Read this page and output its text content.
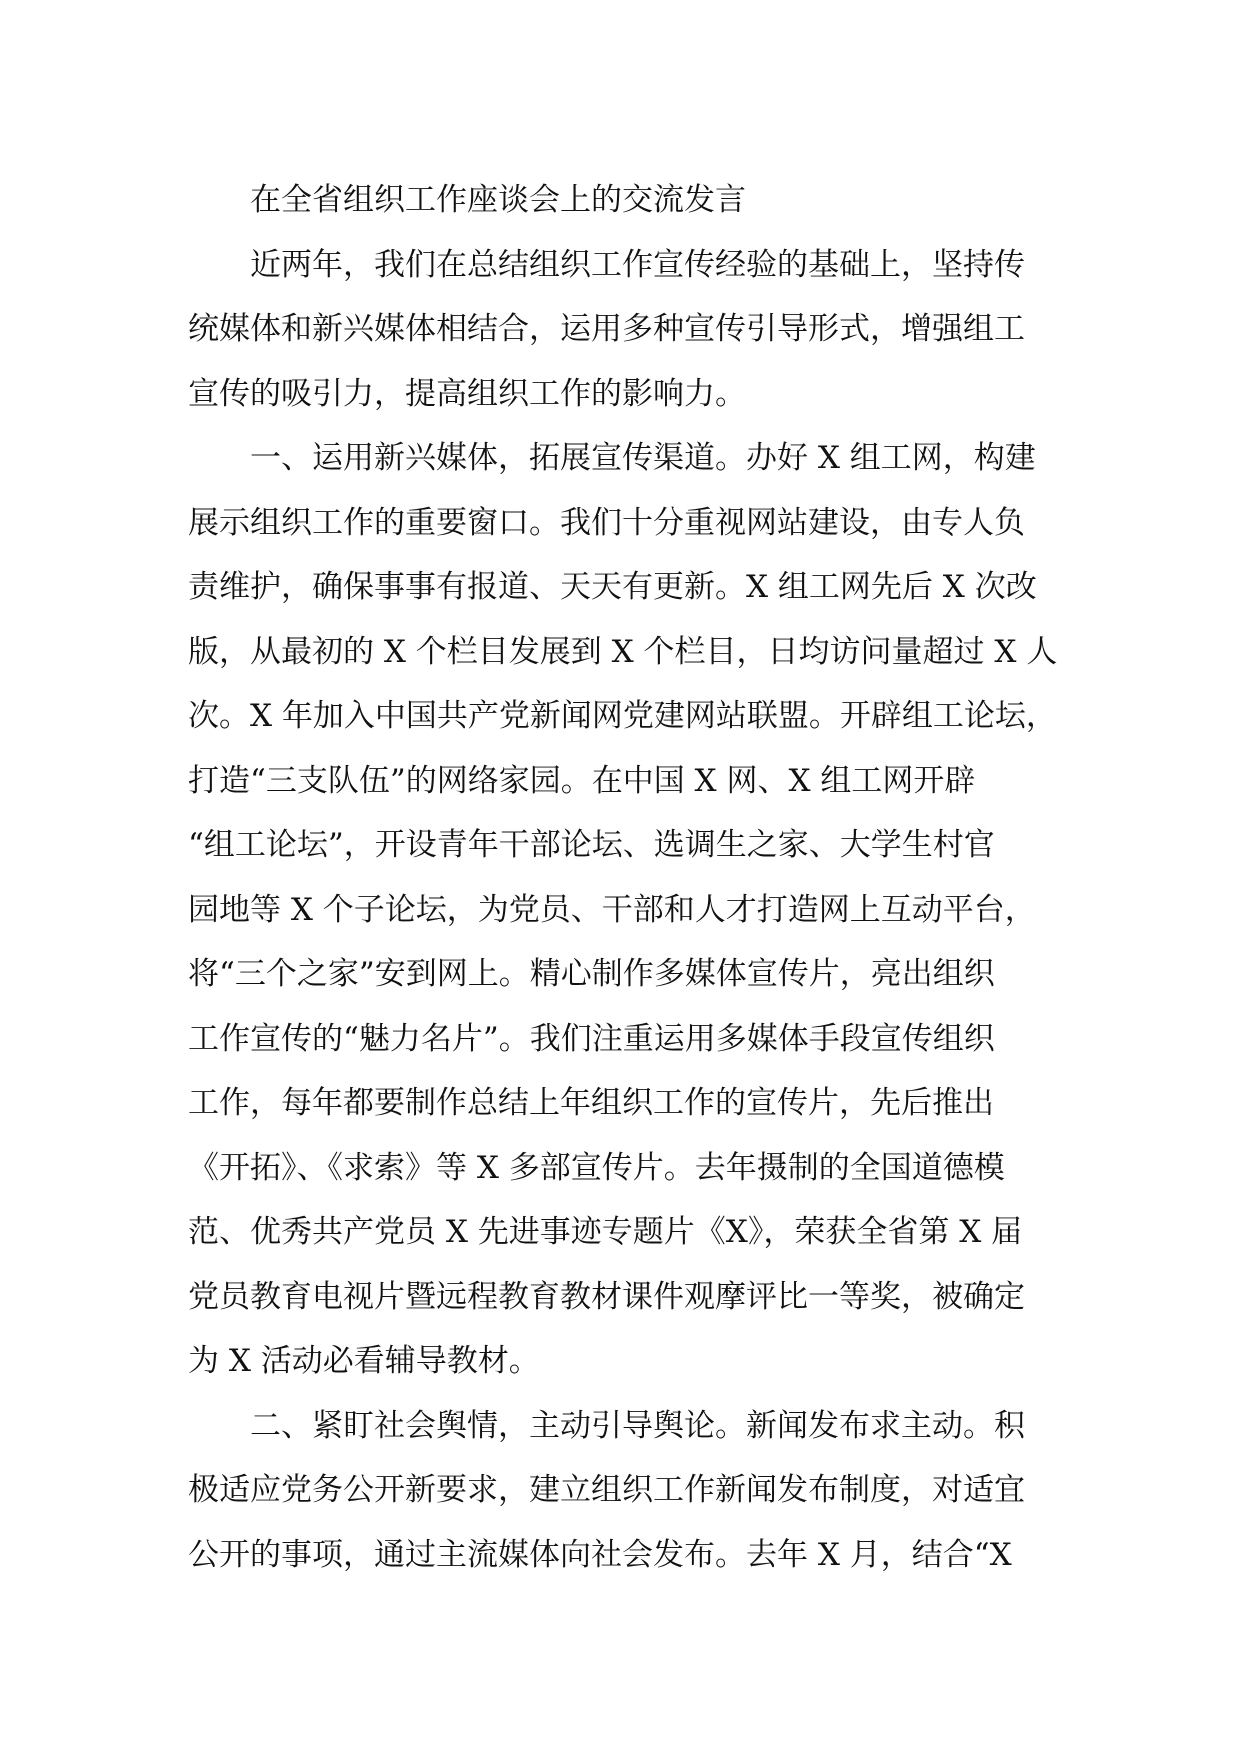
在全省组织工作座谈会上的交流发言
近两年，我们在总结组织工作宣传经验的基础上，坚持传
统媒体和新兴媒体相结合，运用多种宣传引导形式，增强组工
宣传的吸引力，提高组织工作的影响力。
一、运用新兴媒体，拓展宣传渠道。办好 X 组工网，构建
展示组织工作的重要窗口。我们十分重视网站建设，由专人负
责维护，确保事事有报道、天天有更新。X 组工网先后 X 次改
版，从最初的 X 个栏目发展到 X 个栏目，日均访问量超过 X 人
次。X 年加入中国共产党新闻网党建网站联盟。开辟组工论坛，
打造“三支队伍”的网络家园。在中国 X 网、X 组工网开辟
“组工论坛”，开设青年干部论坛、选调生之家、大学生村官
园地等 X 个子论坛，为党员、干部和人才打造网上互动平台，
将“三个之家”安到网上。精心制作多媒体宣传片，亮出组织
工作宣传的“魅力名片”。我们注重运用多媒体手段宣传组织
工作，每年都要制作总结上年组织工作的宣传片，先后推出
《开拓》、《求索》等 X 多部宣传片。去年摄制的全国道德模
范、优秀共产党员 X 先进事迹专题片《X》，荣获全省第 X 届
党员教育电视片暨远程教育教材课件观摩评比一等奖，被确定
为 X 活动必看辅导教材。
二、紧盯社会舆情，主动引导舆论。新闻发布求主动。积
极适应党务公开新要求，建立组织工作新闻发布制度，对适宜
公开的事项，通过主流媒体向社会发布。去年 X 月，结合“X
